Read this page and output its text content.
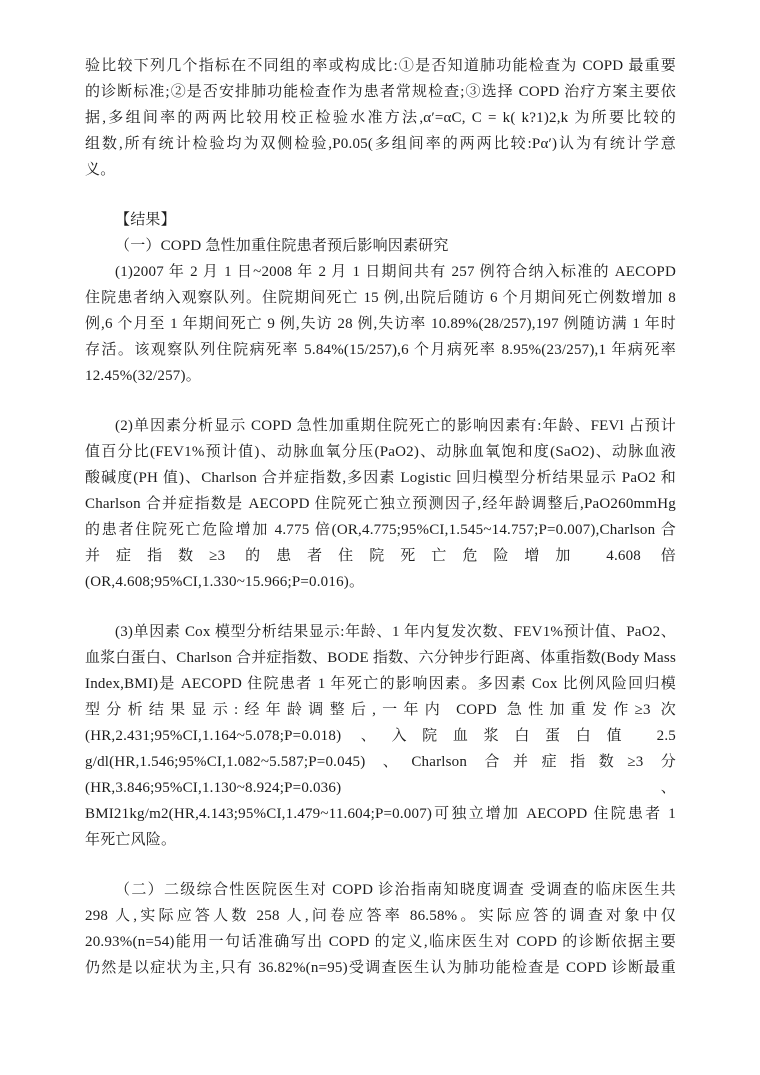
验比较下列几个指标在不同组的率或构成比:①是否知道肺功能检查为 COPD 最重要
的诊断标准;②是否安排肺功能检查作为患者常规检查;③选择 COPD 治疗方案主要依
据,多组间率的两两比较用校正检验水准方法,α′=αC, C = k( k?1)2,k 为所要比较的
组数,所有统计检验均为双侧检验,P0.05(多组间率的两两比较:Pα′)认为有统计学意
义。
【结果】
（一）COPD 急性加重住院患者预后影响因素研究
(1)2007 年 2 月 1 日~2008 年 2 月 1 日期间共有 257 例符合纳入标准的 AECOPD
住院患者纳入观察队列。住院期间死亡 15 例,出院后随访 6 个月期间死亡例数增加 8
例,6 个月至 1 年期间死亡 9 例,失访 28 例,失访率 10.89%(28/257),197 例随访满 1 年时
存活。该观察队列住院病死率 5.84%(15/257),6 个月病死率 8.95%(23/257),1 年病死率
12.45%(32/257)。
(2)单因素分析显示 COPD 急性加重期住院死亡的影响因素有:年龄、FEVl 占预计
值百分比(FEV1%预计值)、动脉血氧分压(PaO2)、动脉血氧饱和度(SaO2)、动脉血液
酸碱度(PH 值)、Charlson 合并症指数,多因素 Logistic 回归模型分析结果显示 PaO2 和
Charlson 合并症指数是 AECOPD 住院死亡独立预测因子,经年龄调整后,PaO260mmHg
的患者住院死亡危险增加 4.775 倍(OR,4.775;95%CI,1.545~14.757;P=0.007),Charlson 合
并症指数≥3 的患者住院死亡危险增加 4.608 倍
(OR,4.608;95%CI,1.330~15.966;P=0.016)。
(3)单因素 Cox 模型分析结果显示:年龄、1 年内复发次数、FEV1%预计值、PaO2、
血浆白蛋白、Charlson 合并症指数、BODE 指数、六分钟步行距离、体重指数(Body Mass
Index,BMI)是 AECOPD 住院患者 1 年死亡的影响因素。多因素 Cox 比例风险回归模
型分析结果显示:经年龄调整后,一年内 COPD 急性加重发作≥3 次
(HR,2.431;95%CI,1.164~5.078;P=0.018) 、入院血浆白蛋白值 2.5
g/dl(HR,1.546;95%CI,1.082~5.587;P=0.045) 、Charlson 合并症指数≥3 分
(HR,3.846;95%CI,1.130~8.924;P=0.036) 、
BMI21kg/m2(HR,4.143;95%CI,1.479~11.604;P=0.007)可独立增加 AECOPD 住院患者 1
年死亡风险。
（二）二级综合性医院医生对 COPD 诊治指南知晓度调查 受调查的临床医生共
298 人,实际应答人数 258 人,问卷应答率 86.58%。实际应答的调查对象中仅
20.93%(n=54)能用一句话准确写出 COPD 的定义,临床医生对 COPD 的诊断依据主要
仍然是以症状为主,只有 36.82%(n=95)受调查医生认为肺功能检查是 COPD 诊断最重
